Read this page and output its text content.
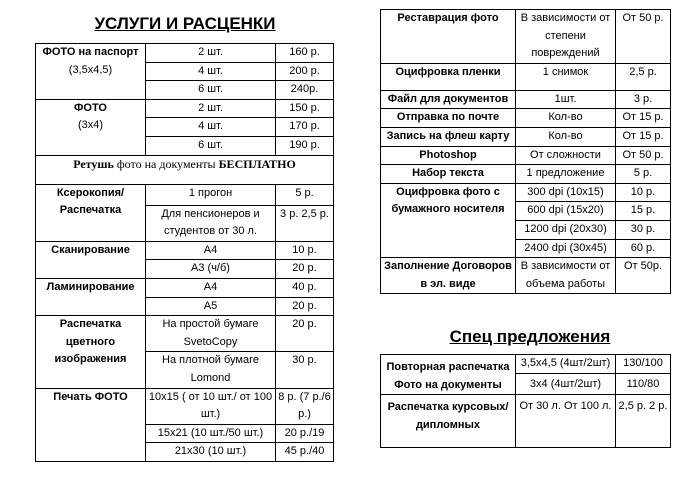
УСЛУГИ И РАСЦЕНКИ
ФОТО на паспорт
(3,5х4,5)	2 шт.	160 р.
	4 шт.	200 р.
	6 шт.	240р.
ФОТО
(3х4)	2 шт.	150 р.
	4 шт.	170 р.
	6 шт.	190 р.
Ретушь фото на документы БЕСПЛАТНО		
Ксерокопия/ Распечатка	1 прогон	5 р.
	Для пенсионеров и студентов от 30 л.	3 р. 2,5 р.
Сканирование	А4	10 р.
	А3 (ч/б)	20 р.
Ламинирование	А4	40 р.
	А5	20 р.
Распечатка цветного изображения	На простой бумаге SvetoCopy	20 р.
	На плотной бумаге Lomond	30 р.
Печать ФОТО	10х15 ( от 10 шт./ от 100 шт.)	8 р. (7 р./6 р.)
	15х21 (10 шт./50 шт.)	20 р./19
	21х30 (10 шт.)	45 р./40
Реставрация фото	В зависимости от степени повреждений	От 50 р.
Оцифровка пленки	1 снимок	2,5 р.
Файл для документов	1шт.	3 р.
Отправка по почте	Кол-во	От 15 р.
Запись на флеш карту	Кол-во	От 15 р.
Photoshop	От сложности	От 50 р.
Набор текста	1 предложение	5 р.
Оцифровка фото с бумажного носителя	300 dpi (10х15)	10 р.
	600 dpi (15х20)	15 р.
	1200 dpi (20х30)	30 р.
	2400 dpi (30х45)	60 р.
Заполнение Договоров в эл. виде	В зависимости от объема работы	От 50р.
Спец предложения
Повторная распечатка Фото на документы	3,5х4,5 (4шт/2шт)	130/100
	3х4 (4шт/2шт)	110/80
Распечатка курсовых/дипломных	От 30 л. От 100 л.	2,5 р. 2 р.
